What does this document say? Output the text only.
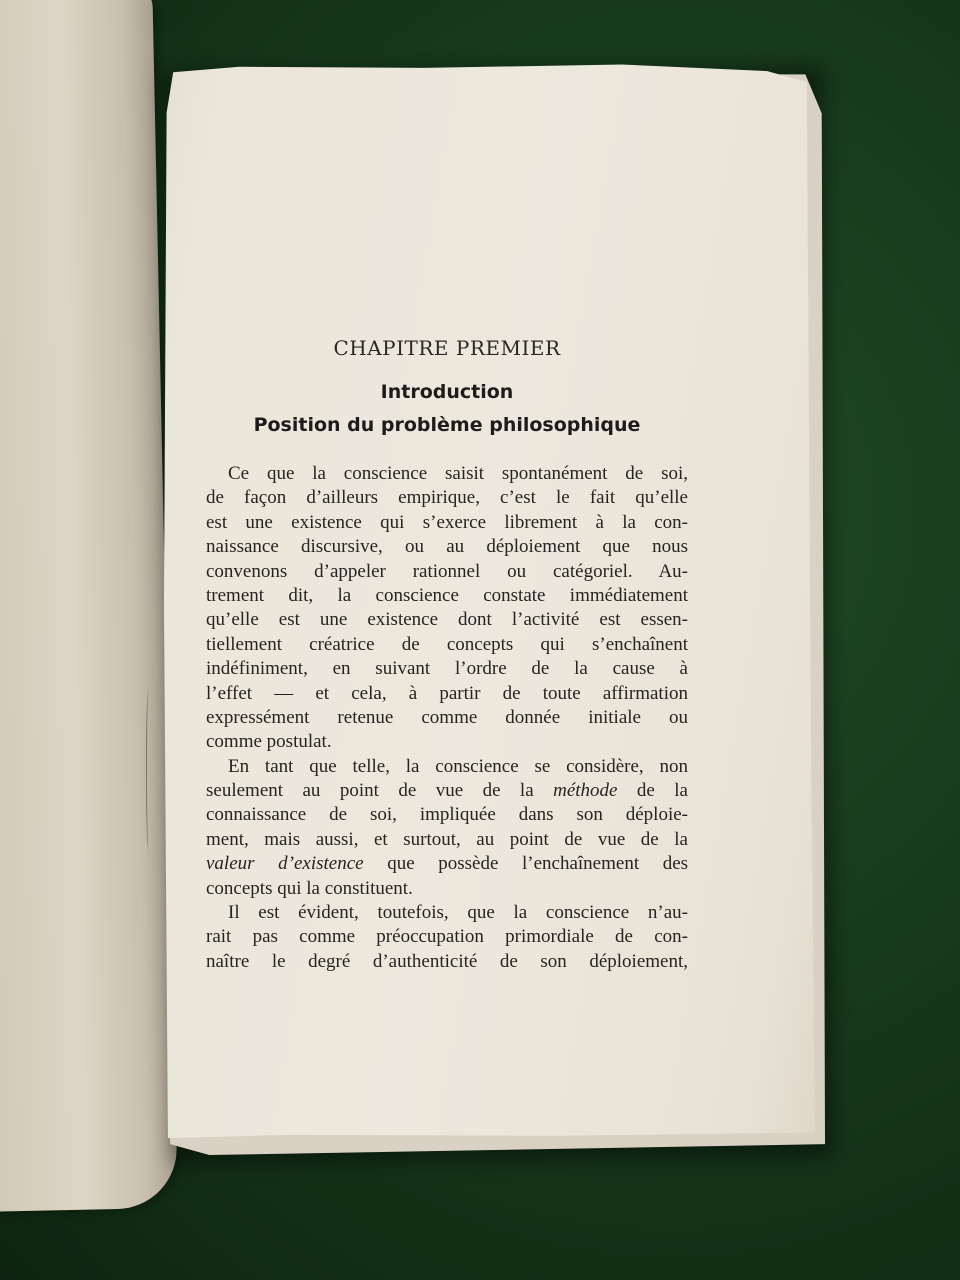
CHAPITRE PREMIER
Introduction
Position du problème philosophique
Ce que la conscience saisit spontanément de soi,
de façon d’ailleurs empirique, c’est le fait qu’elle
est une existence qui s’exerce librement à la con-
naissance discursive, ou au déploiement que nous
convenons d’appeler rationnel ou catégoriel. Au-
trement dit, la conscience constate immédiatement
qu’elle est une existence dont l’activité est essen-
tiellement créatrice de concepts qui s’enchaînent
indéfiniment, en suivant l’ordre de la cause à
l’effet — et cela, à partir de toute affirmation
expressément retenue comme donnée initiale ou
comme postulat.
En tant que telle, la conscience se considère, non
seulement au point de vue de la méthode de la
connaissance de soi, impliquée dans son déploie-
ment, mais aussi, et surtout, au point de vue de la
valeur d’existence que possède l’enchaînement des
concepts qui la constituent.
Il est évident, toutefois, que la conscience n’au-
rait pas comme préoccupation primordiale de con-
naître le degré d’authenticité de son déploiement,
